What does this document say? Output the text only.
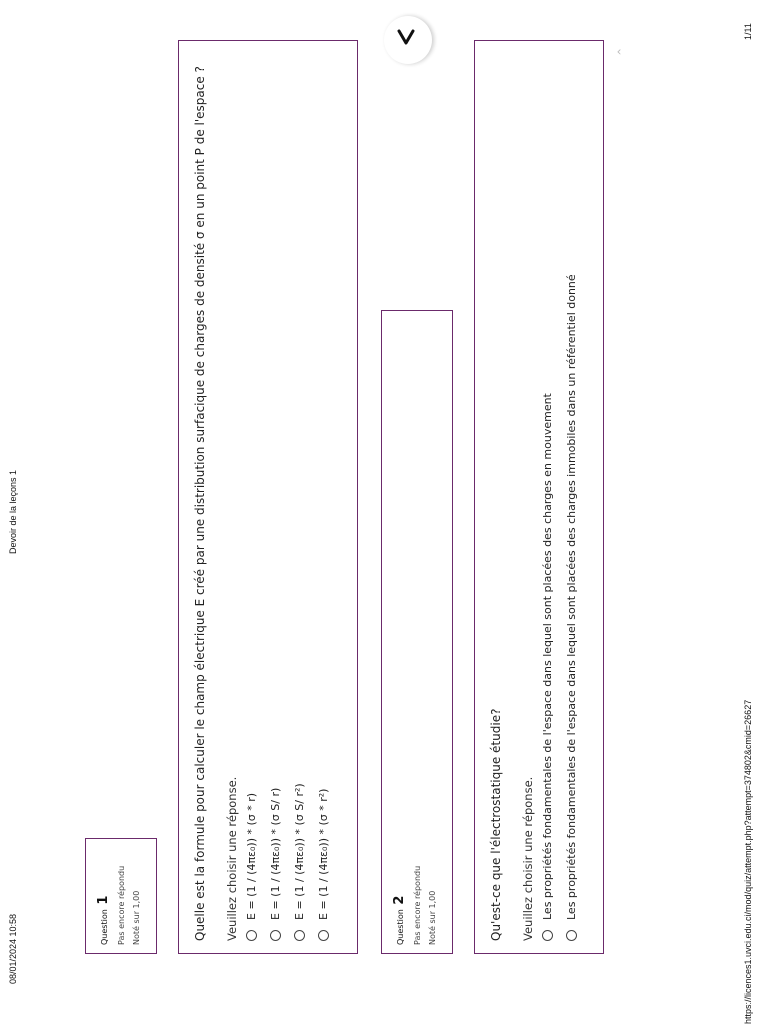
08/01/2024 10:58
Devoir de la leçons 1
https://licences1.uvci.edu.ci/mod/quiz/attempt.php?attempt=374802&cmid=26627
1/11
Question 1 Pas encore répondu Noté sur 1,00	Quelle est la formule pour calculer le champ électrique E créé par une distribution surfacique de charges de densité σ en un point P de l'espace ? Veuillez choisir une réponse. E = (1 / (4πε₀)) * (σ * r) E = (1 / (4πε₀)) * (σ S/ r) E = (1 / (4πε₀)) * (σ S/ r²) E = (1 / (4πε₀)) * (σ * r²)
Question 2 Pas encore répondu Noté sur 1,00	Qu'est-ce que l'électrostatique étudie? Veuillez choisir une réponse. Les propriétés fondamentales de l'espace dans lequel sont placées des charges en mouvement Les propriétés fondamentales de l'espace dans lequel sont placées des charges immobiles dans un référentiel donné
‹
